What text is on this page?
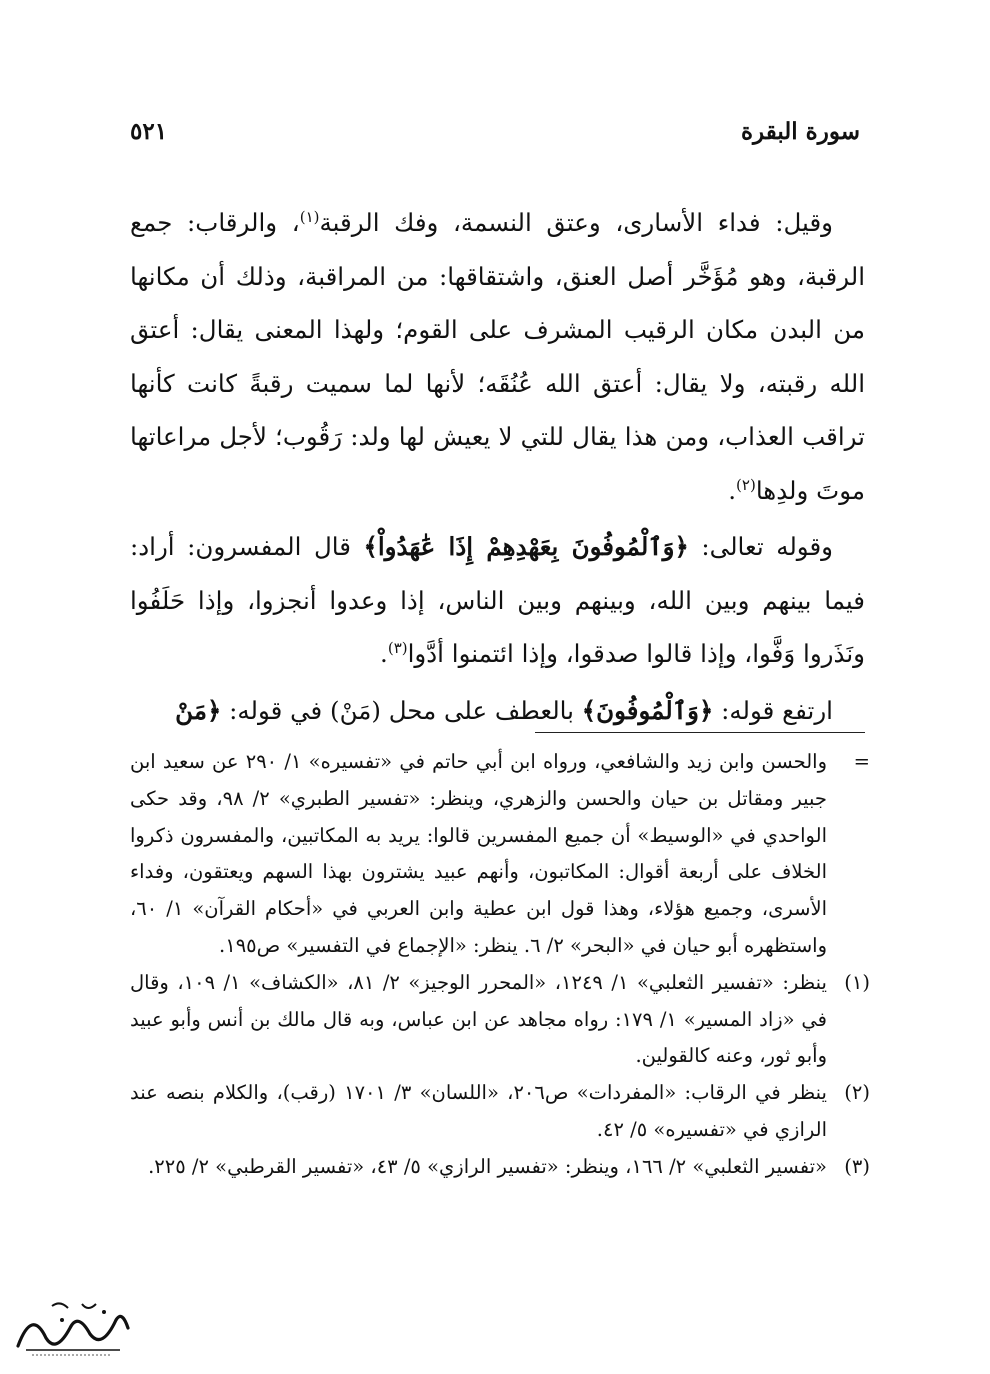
سورة البقرة
٥٢١

وقيل: فداء الأسارى، وعتق النسمة، وفك الرقبة$^{(١)}$، والرقاب: جمع الرقبة، وهو مُؤَخَّر أصل العنق، واشتقاقها: من المراقبة، وذلك أن مكانها من البدن مكان الرقيب المشرف على القوم؛ ولهذا المعنى يقال: أعتق الله رقبته، ولا يقال: أعتق الله عُنُقَه؛ لأنها لما سميت رقبةً كانت كأنها تراقب العذاب، ومن هذا يقال للتي لا يعيش لها ولد: رَقُوب؛ لأجل مراعاتها موتَ ولدِها$^{(٢)}$.

وقوله تعالى: ﴿وَٱلْمُوفُونَ بِعَهْدِهِمْ إِذَا عَٰهَدُواْ﴾ قال المفسرون: أراد: فيما بينهم وبين الله، وبينهم وبين الناس، إذا وعدوا أنجزوا، وإذا حَلَفُوا ونَذَروا وَفَّوا، وإذا قالوا صدقوا، وإذا ائتمنوا أدَّوا$^{(٣)}$.

ارتفع قوله: ﴿وَٱلْمُوفُونَ﴾ بالعطف على محل (مَنْ) في قوله: ﴿مَنْ

=
والحسن وابن زيد والشافعي، ورواه ابن أبي حاتم في «تفسيره» ١/ ٢٩٠ عن سعيد ابن جبير ومقاتل بن حيان والحسن والزهري، وينظر: «تفسير الطبري» ٢/ ٩٨، وقد حكى الواحدي في «الوسيط» أن جميع المفسرين قالوا: يريد به المكاتبين، والمفسرون ذكروا الخلاف على أربعة أقوال: المكاتبون، وأنهم عبيد يشترون بهذا السهم ويعتقون، وفداء الأسرى، وجميع هؤلاء، وهذا قول ابن عطية وابن العربي في «أحكام القرآن» ١/ ٦٠، واستظهره أبو حيان في «البحر» ٢/ ٦. ينظر: «الإجماع في التفسير» ص١٩٥.

(١)
ينظر: «تفسير الثعلبي» ١/ ١٢٤٩، «المحرر الوجيز» ٢/ ٨١، «الكشاف» ١/ ١٠٩، وقال في «زاد المسير» ١/ ١٧٩: رواه مجاهد عن ابن عباس، وبه قال مالك بن أنس وأبو عبيد وأبو ثور، وعنه كالقولين.

(٢)
ينظر في الرقاب: «المفردات» ص٢٠٦، «اللسان» ٣/ ١٧٠١ (رقب)، والكلام بنصه عند الرازي في «تفسيره» ٥/ ٤٢.

(٣)
«تفسير الثعلبي» ٢/ ١٦٦، وينظر: «تفسير الرازي» ٥/ ٤٣، «تفسير القرطبي» ٢/ ٢٢٥.
